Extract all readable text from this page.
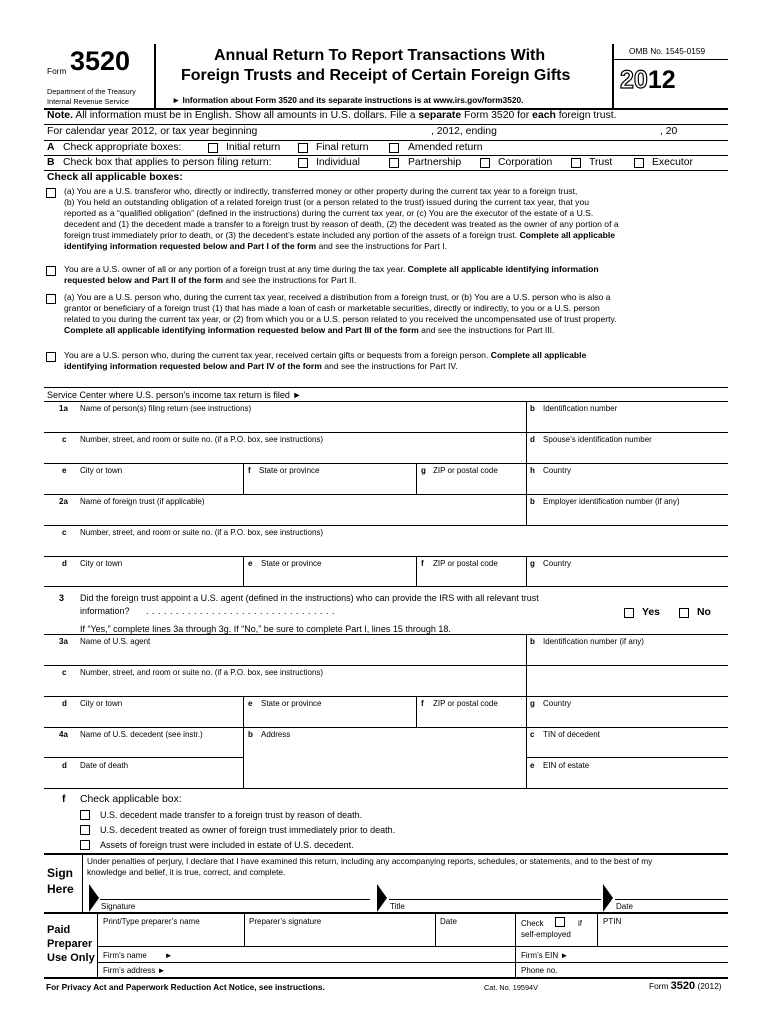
Form 3520
Department of the Treasury
Internal Revenue Service
Annual Return To Report Transactions With
Foreign Trusts and Receipt of Certain Foreign Gifts
► Information about Form 3520 and its separate instructions is at www.irs.gov/form3520.
OMB No. 1545-0159
2012
Note. All information must be in English. Show all amounts in U.S. dollars. File a separate Form 3520 for each foreign trust.
For calendar year 2012, or tax year beginning	, 2012, ending	, 20
A Check appropriate boxes:	Initial return	Final return	Amended return
B Check box that applies to person filing return:	Individual	Partnership	Corporation	Trust	Executor
Check all applicable boxes:
(a) You are a U.S. transferor who, directly or indirectly, transferred money or other property during the current tax year to a foreign trust,
(b) You held an outstanding obligation of a related foreign trust (or a person related to the trust) issued during the current tax year, that you
reported as a “qualified obligation” (defined in the instructions) during the current tax year, or (c) You are the executor of the estate of a U.S.
decedent and (1) the decedent made a transfer to a foreign trust by reason of death, (2) the decedent was treated as the owner of any portion of a
foreign trust immediately prior to death, or (3) the decedent’s estate included any portion of the assets of a foreign trust. Complete all applicable
identifying information requested below and Part I of the form and see the instructions for Part I.
You are a U.S. owner of all or any portion of a foreign trust at any time during the tax year. Complete all applicable identifying information
requested below and Part II of the form and see the instructions for Part II.
(a) You are a U.S. person who, during the current tax year, received a distribution from a foreign trust, or (b) You are a U.S. person who is also a
grantor or beneficiary of a foreign trust (1) that has made a loan of cash or marketable securities, directly or indirectly, to you or a U.S. person
related to you during the current tax year, or (2) from which you or a U.S. person related to you received the uncompensated use of trust property.
Complete all applicable identifying information requested below and Part III of the form and see the instructions for Part III.
You are a U.S. person who, during the current tax year, received certain gifts or bequests from a foreign person. Complete all applicable
identifying information requested below and Part IV of the form and see the instructions for Part IV.
Service Center where U.S. person’s income tax return is filed ►
1a Name of person(s) filing return (see instructions)	b Identification number
c Number, street, and room or suite no. (if a P.O. box, see instructions)	d Spouse’s identification number
e City or town	f State or province	g ZIP or postal code	h Country
2a Name of foreign trust (if applicable)	b Employer identification number (if any)
c Number, street, and room or suite no. (if a P.O. box, see instructions)
d City or town	e State or province	f ZIP or postal code	g Country
3 Did the foreign trust appoint a U.S. agent (defined in the instructions) who can provide the IRS with all relevant trust
information? . . . . . . . . . . . . . . . . . . . . . . . . . . . . . . . .	Yes	No
If “Yes,” complete lines 3a through 3g. If “No,” be sure to complete Part I, lines 15 through 18.
3a Name of U.S. agent	b Identification number (if any)
c Number, street, and room or suite no. (if a P.O. box, see instructions)
d City or town	e State or province	f ZIP or postal code	g Country
4a Name of U.S. decedent (see instr.)	b Address	c TIN of decedent
d Date of death	e EIN of estate
f Check applicable box:
U.S. decedent made transfer to a foreign trust by reason of death.
U.S. decedent treated as owner of foreign trust immediately prior to death.
Assets of foreign trust were included in estate of U.S. decedent.
Sign
Here
Under penalties of perjury, I declare that I have examined this return, including any accompanying reports, schedules, or statements, and to the best of my
knowledge and belief, it is true, correct, and complete.
Signature	Title	Date
Paid
Preparer
Use Only
Print/Type preparer’s name	Preparer’s signature	Date	Check	if
self-employed
PTIN
Firm’s name        ►	Firm’s EIN ►
Firm’s address ►	Phone no.
For Privacy Act and Paperwork Reduction Act Notice, see instructions.	Cat. No. 19594V	Form 3520 (2012)
